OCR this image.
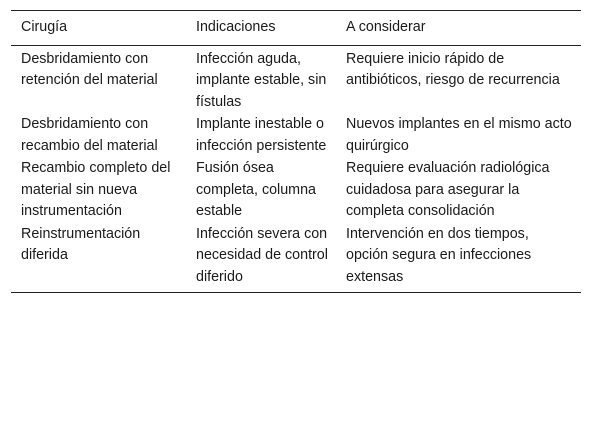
Cirugía	Indicaciones	A considerar
Desbridamiento con retención del material	Infección aguda, implante estable, sin fístulas	Requiere inicio rápido de antibióticos, riesgo de recurrencia
Desbridamiento con recambio del material	Implante inestable o infección persistente	Nuevos implantes en el mismo acto quirúrgico
Recambio completo del material sin nueva instrumentación	Fusión ósea completa, columna estable	Requiere evaluación radiológica cuidadosa para asegurar la completa consolidación
Reinstrumentación diferida	Infección severa con necesidad de control diferido	Intervención en dos tiempos, opción segura en infecciones extensas
